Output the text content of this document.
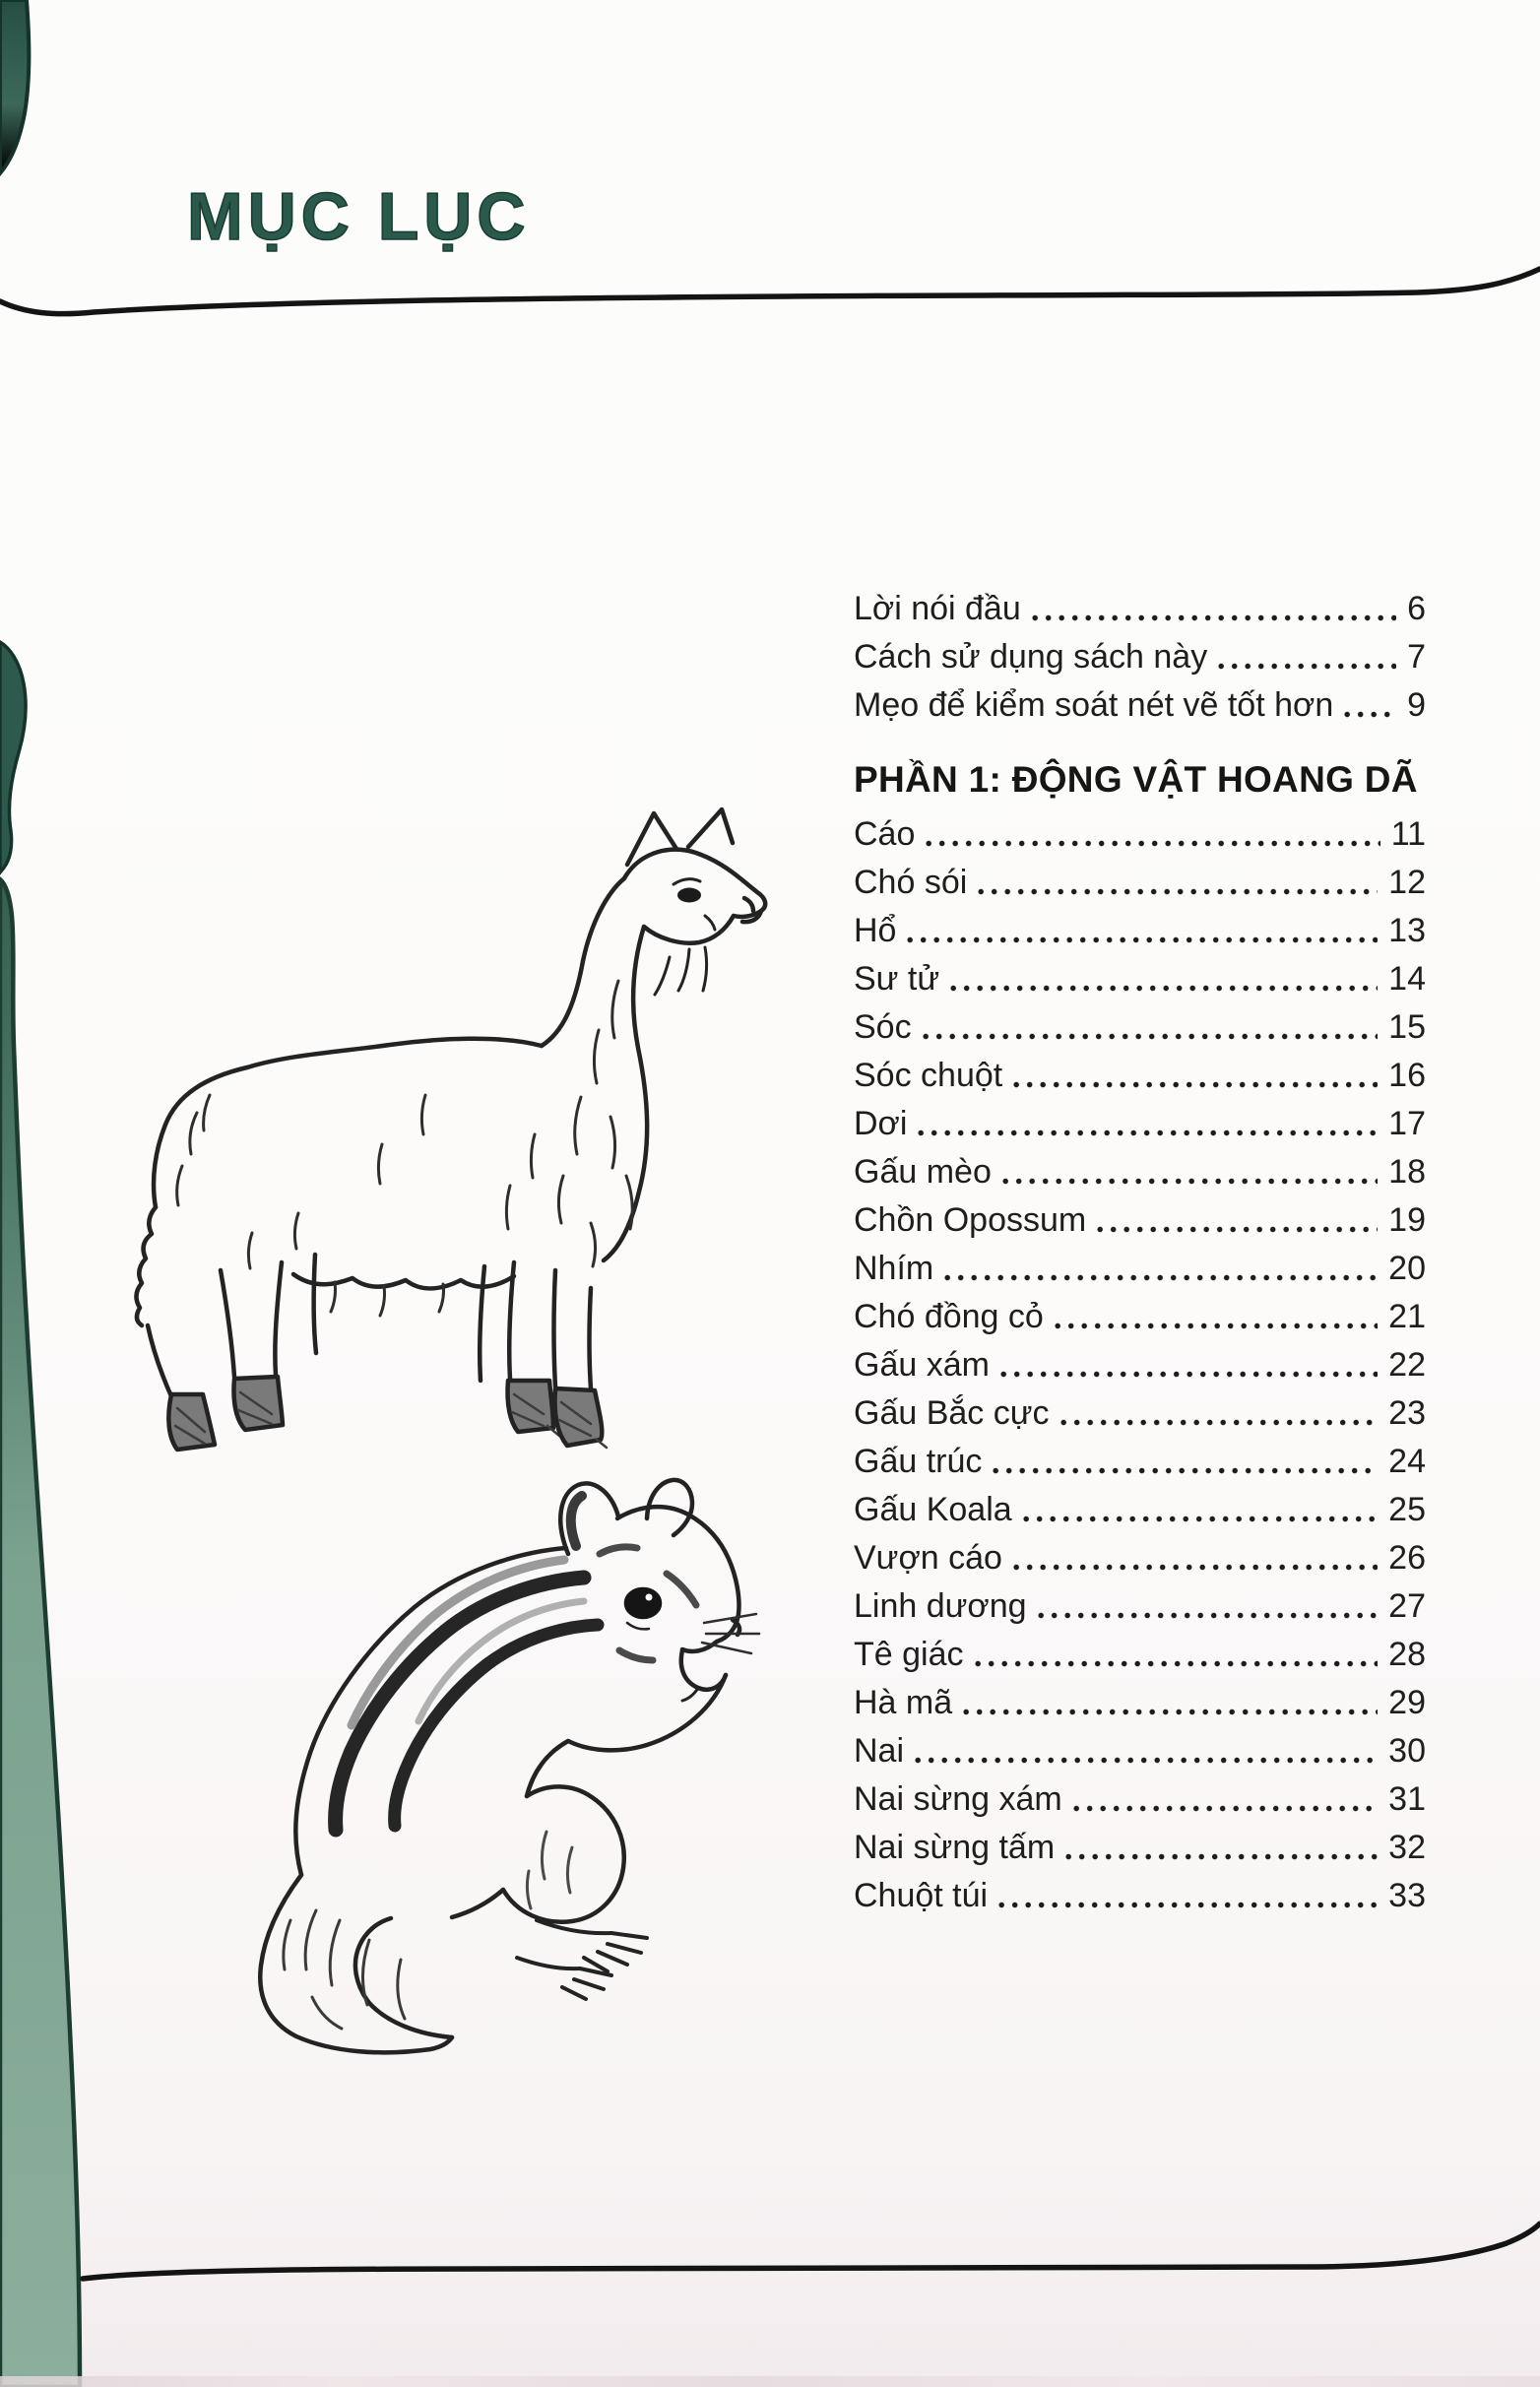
MỤC LỤC
Lời nói đầu	6
Cách sử dụng sách này	7
Mẹo để kiểm soát nét vẽ tốt hơn 9
PHẦN 1: ĐỘNG VẬT HOANG DÃ
Cáo	11
Chó sói	12
Hổ	13
Sư tử	14
Sóc	15
Sóc chuột	16
Dơi	17
Gấu mèo	18
Chồn Opossum	19
Nhím	20
Chó đồng cỏ	21
Gấu xám	22
Gấu Bắc cực	23
Gấu trúc	24
Gấu Koala	25
Vượn cáo	26
Linh dương	27
Tê giác	28
Hà mã	29
Nai	30
Nai sừng xám	31
Nai sừng tấm	32
Chuột túi	33
